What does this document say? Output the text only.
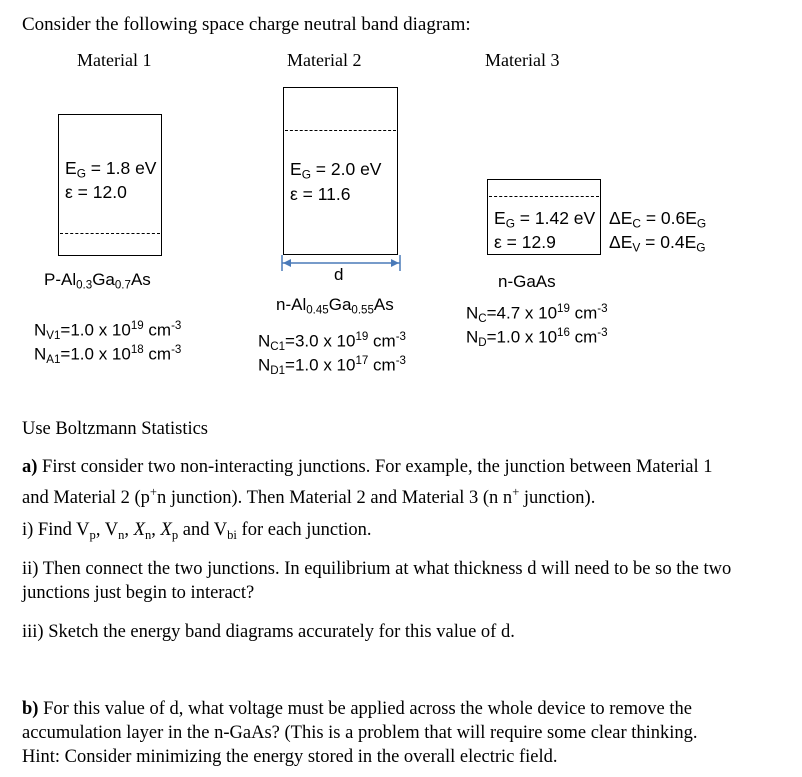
Consider the following space charge neutral band diagram:
Material 1	Material 2	Material 3
$E_G = 1.8$ eV
ε = 12.0
$E_G = 2.0$ eV
ε = 11.6
d
$E_G = 1.42$ eV
ε = 12.9
$\Delta E_C = 0.6E_G$
$\Delta E_V = 0.4E_G$
$P-Al_{0.3}Ga_{0.7}As$
$N_{V1}=1.0$ x $10^{19}$ $cm^{-3}$
$N_{A1}=1.0$ x $10^{18}$ $cm^{-3}$
$n-Al_{0.45}Ga_{0.55}As$
$N_{C1}=3.0$ x $10^{19}$ $cm^{-3}$
$N_{D1}=1.0$ x $10^{17}$ $cm^{-3}$
n-GaAs
$N_C=4.7$ x $10^{19}$ $cm^{-3}$
$N_D=1.0$ x $10^{16}$ $cm^{-3}$
Use Boltzmann Statistics
a) First consider two non-interacting junctions. For example, the junction between Material 1
and Material 2 (p+n junction). Then Material 2 and Material 3 (n n+ junction).
i) Find $V_p$, $V_n$, $X_n$, $X_p$ and $V_{bi}$ for each junction.
ii) Then connect the two junctions. In equilibrium at what thickness d will need to be so the two
junctions just begin to interact?
iii) Sketch the energy band diagrams accurately for this value of d.
b) For this value of d, what voltage must be applied across the whole device to remove the
accumulation layer in the n-GaAs? (This is a problem that will require some clear thinking.
Hint: Consider minimizing the energy stored in the overall electric field.
